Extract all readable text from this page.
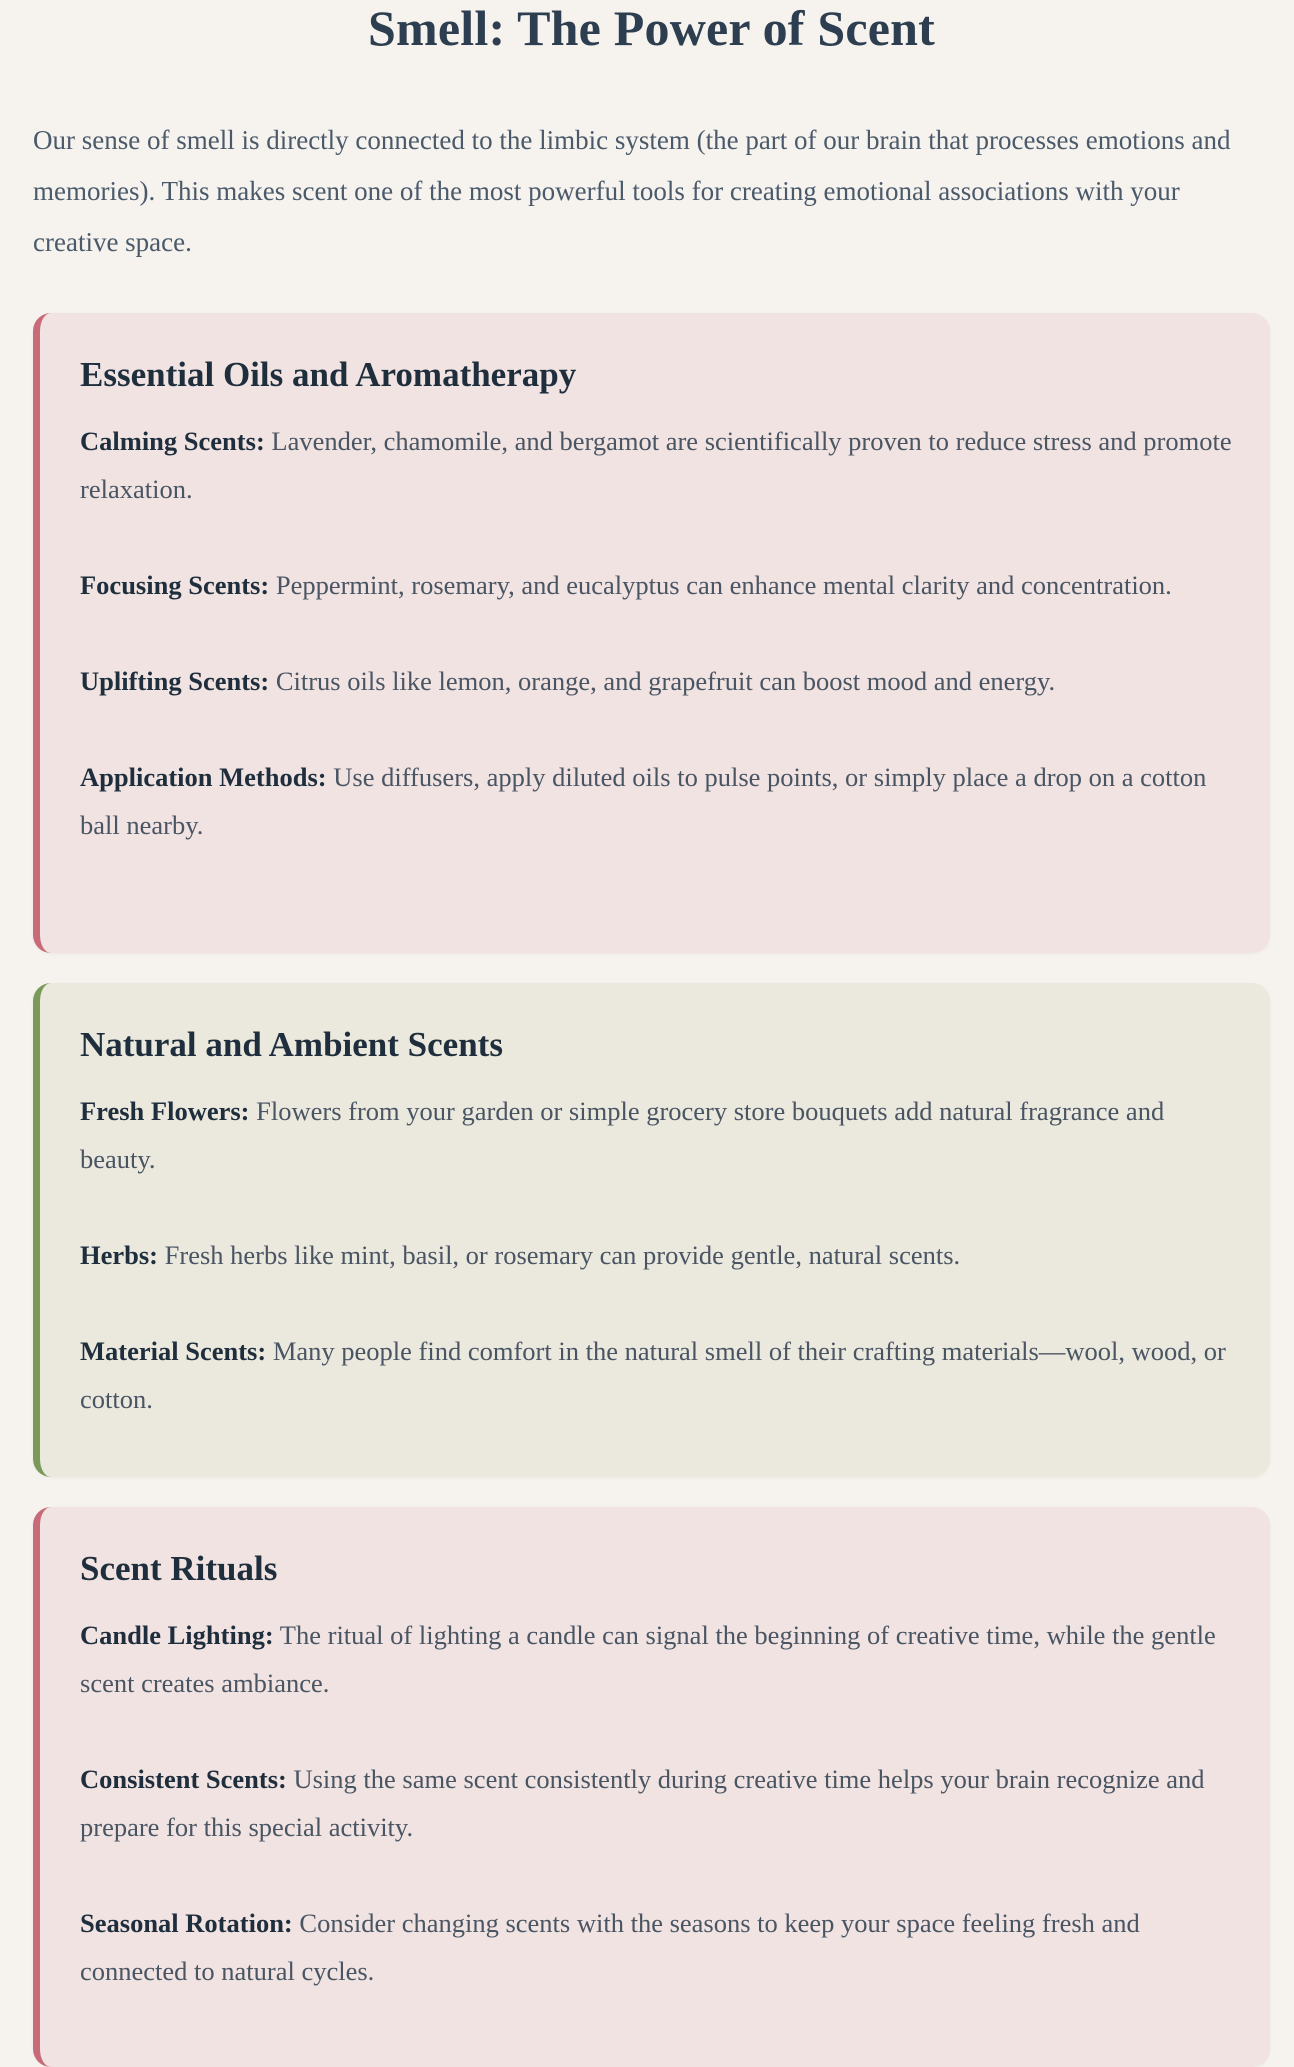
Smell: The Power of Scent

Our sense of smell is directly connected to the limbic system (the part of our brain that processes emotions and memories). This makes scent one of the most powerful tools for creating emotional associations with your creative space.

Essential Oils and Aromatherapy

Calming Scents: Lavender, chamomile, and bergamot are scientifically proven to reduce stress and promote relaxation.

Focusing Scents: Peppermint, rosemary, and eucalyptus can enhance mental clarity and concentration.

Uplifting Scents: Citrus oils like lemon, orange, and grapefruit can boost mood and energy.

Application Methods: Use diffusers, apply diluted oils to pulse points, or simply place a drop on a cotton ball nearby.

Natural and Ambient Scents

Fresh Flowers: Flowers from your garden or simple grocery store bouquets add natural fragrance and beauty.

Herbs: Fresh herbs like mint, basil, or rosemary can provide gentle, natural scents.

Material Scents: Many people find comfort in the natural smell of their crafting materials—wool, wood, or cotton.

Scent Rituals

Candle Lighting: The ritual of lighting a candle can signal the beginning of creative time, while the gentle scent creates ambiance.

Consistent Scents: Using the same scent consistently during creative time helps your brain recognize and prepare for this special activity.

Seasonal Rotation: Consider changing scents with the seasons to keep your space feeling fresh and connected to natural cycles.
